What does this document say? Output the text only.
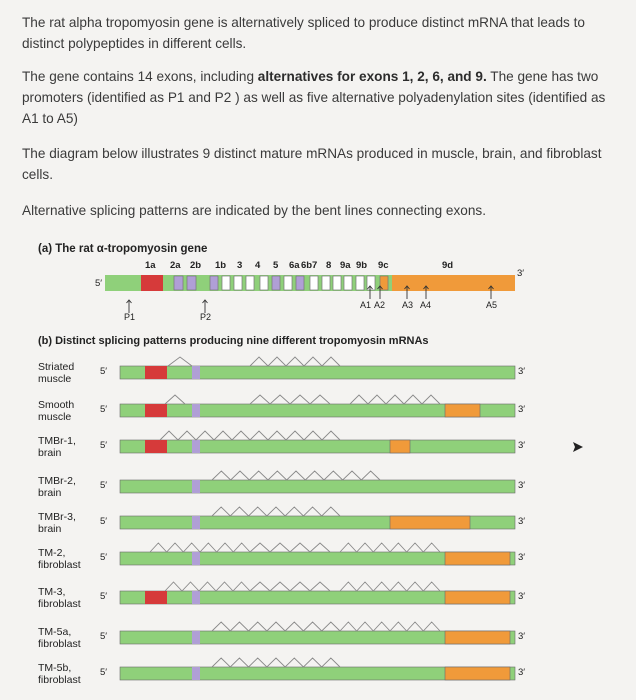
The rat alpha tropomyosin gene is alternatively spliced to produce distinct mRNA that leads to distinct polypeptides in different cells.

The gene contains 14 exons, including alternatives for exons 1, 2, 6, and 9. The gene has two promoters (identified as P1 and P2 ) as well as five alternative polyadenylation sites (identified as A1 to A5)

The diagram below illustrates 9 distinct mature mRNAs produced in muscle, brain, and fibroblast cells.

Alternative splicing patterns are indicated by the bent lines connecting exons.

(a) The rat α-tropomyosin gene
1a 2a 2b 1b 3 4 5 6a 6b 7 8 9a 9b 9c	9d
5′
3′
P1	P2
A1 A2 A3 A4	A5
(b) Distinct splicing patterns producing nine different tropomyosin mRNAs
Striated
muscle
5′	3′
Smooth
muscle
5′	3′
TMBr-1,
brain
5′	3′
TMBr-2,
brain
5′	3′
TMBr-3,
brain
5′	3′
TM-2,
fibroblast
5′	3′
TM-3,
fibroblast
5′	3′
TM-5a,
fibroblast
5′	3′
TM-5b,
fibroblast
5′	3′
